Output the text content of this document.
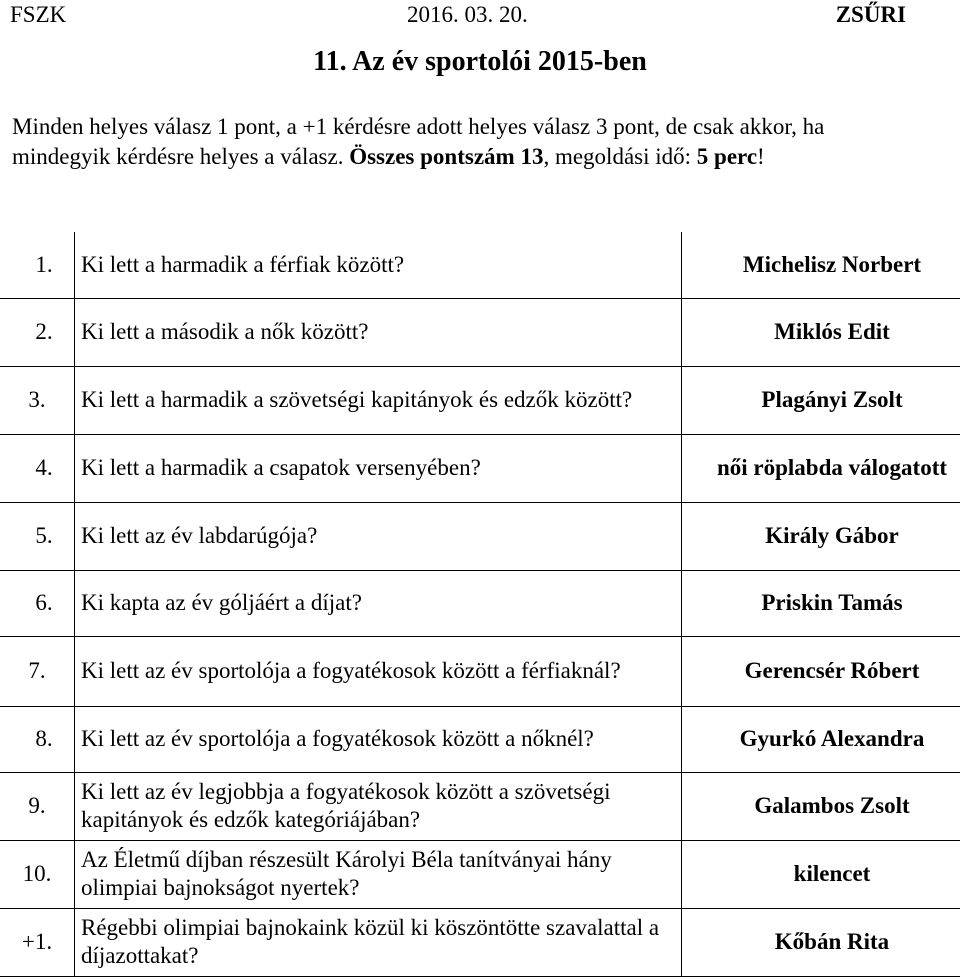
FSZK	2016. 03. 20.	ZSŰRI
11. Az év sportolói 2015-ben
Minden helyes válasz 1 pont, a +1 kérdésre adott helyes válasz 3 pont, de csak akkor, ha
mindegyik kérdésre helyes a válasz. Összes pontszám 13, megoldási idő: 5 perc!
1.	Ki lett a harmadik a férfiak között?	Michelisz Norbert
2.	Ki lett a második a nők között?	Miklós Edit
3.	Ki lett a harmadik a szövetségi kapitányok és edzők között?	Plagányi Zsolt
4.	Ki lett a harmadik a csapatok versenyében?	női röplabda válogatott
5.	Ki lett az év labdarúgója?	Király Gábor
6.	Ki kapta az év góljáért a díjat?	Priskin Tamás
7.	Ki lett az év sportolója a fogyatékosok között a férfiaknál?	Gerencsér Róbert
8.	Ki lett az év sportolója a fogyatékosok között a nőknél?	Gyurkó Alexandra
9.	Ki lett az év legjobbja a fogyatékosok között a szövetségi kapitányok és edzők kategóriájában?	Galambos Zsolt
10.	Az Életmű díjban részesült Károlyi Béla tanítványai hány olimpiai bajnokságot nyertek?	kilencet
+1.	Régebbi olimpiai bajnokaink közül ki köszöntötte szavalattal a díjazottakat?	Kőbán Rita
